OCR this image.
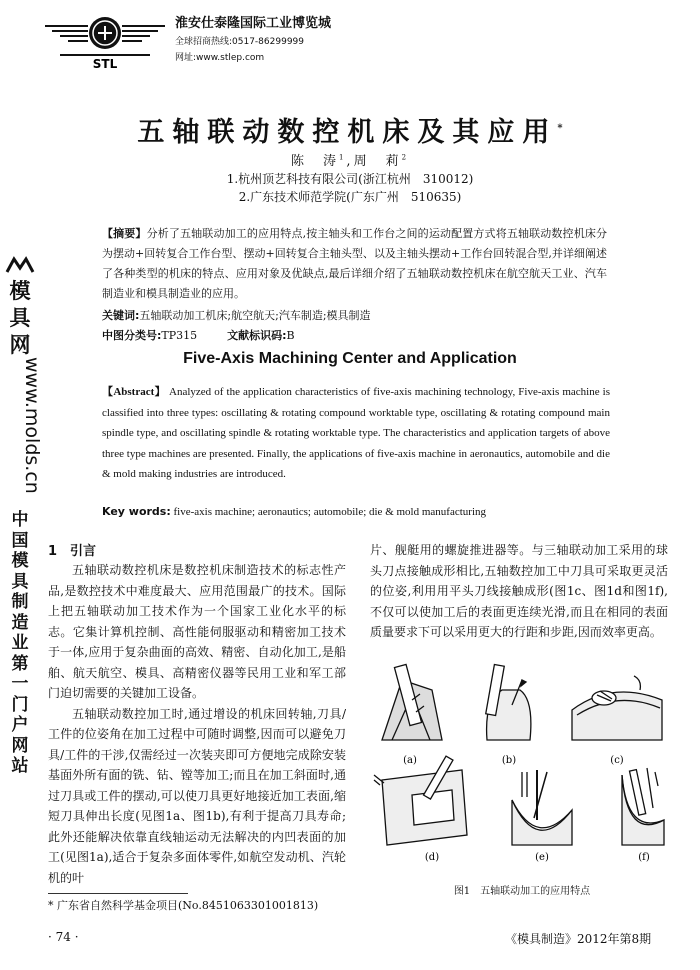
STL
淮安仕泰隆国际工业博览城
全球招商热线:0517-86299999
网址:www.stlep.com
五轴联动数控机床及其应用*
陈　涛$^1$,周　莉$^2$
1.杭州顶艺科技有限公司(浙江杭州　310012)
2.广东技术师范学院(广东广州　510635)
【摘要】分析了五轴联动加工的应用特点,按主轴头和工作台之间的运动配置方式将五轴联动数控机床分为摆动+回转复合工作台型、摆动+回转复合主轴头型、以及主轴头摆动+工作台回转混合型,并详细阐述了各种类型的机床的特点、应用对象及优缺点,最后详细介绍了五轴联动数控机床在航空航天工业、汽车制造业和模具制造业的应用。
关键词:五轴联动加工机床;航空航天;汽车制造;模具制造
中图分类号:TP315	文献标识码:B
Five-Axis Machining Center and Application
【Abstract】 Analyzed of the application characteristics of five-axis machining technology, Five-axis machine is classified into three types: oscillating & rotating compound worktable type, oscillating & rotating compound main spindle type, and oscillating spindle & rotating worktable type. The characteristics and application targets of above three type machines are presented. Finally, the applications of five-axis machine in aeronautics, automobile and die & mold making industries are introduced.
Key words: five-axis machine; aeronautics; automobile; die & mold manufacturing
模
具
网
www.molds.cn
中
国
模
具
制
造
业
第
一
门
户
网
站
1　引言

五轴联动数控机床是数控机床制造技术的标志性产品,是数控技术中难度最大、应用范围最广的技术。国际上把五轴联动加工技术作为一个国家工业化水平的标志。它集计算机控制、高性能伺服驱动和精密加工技术于一体,应用于复杂曲面的高效、精密、自动化加工,是船舶、航天航空、模具、高精密仪器等民用工业和军工部门迫切需要的关键加工设备。

五轴联动数控加工时,通过增设的机床回转轴,刀具/工件的位姿角在加工过程中可随时调整,因而可以避免刀具/工件的干涉,仅需经过一次装夹即可方便地完成除安装基面外所有面的铣、钻、镗等加工;而且在加工斜面时,通过刀具或工件的摆动,可以使刀具更好地接近加工表面,缩短刀具伸出长度(见图1a、图1b),有利于提高刀具寿命;此外还能解决依靠直线轴运动无法解决的内凹表面的加工(见图1a),适合于复杂多面体零件,如航空发动机、汽轮机的叶

片、舰艇用的螺旋推进器等。与三轴联动加工采用的球头刀点接触成形相比,五轴数控加工中刀具可采取更灵活的位姿,利用用平头刀线接触成形(图1c、图1d和图1f),不仅可以使加工后的表面更连续光滑,而且在相同的表面质量要求下可以采用更大的行距和步距,因而效率更高。

(a)	(b)	(c)
(d)	(e)	(f)
图1　五轴联动加工的应用特点
* 广东省自然科学基金项目(No.8451063301001813)
· 74 ·	《模具制造》2012年第8期
